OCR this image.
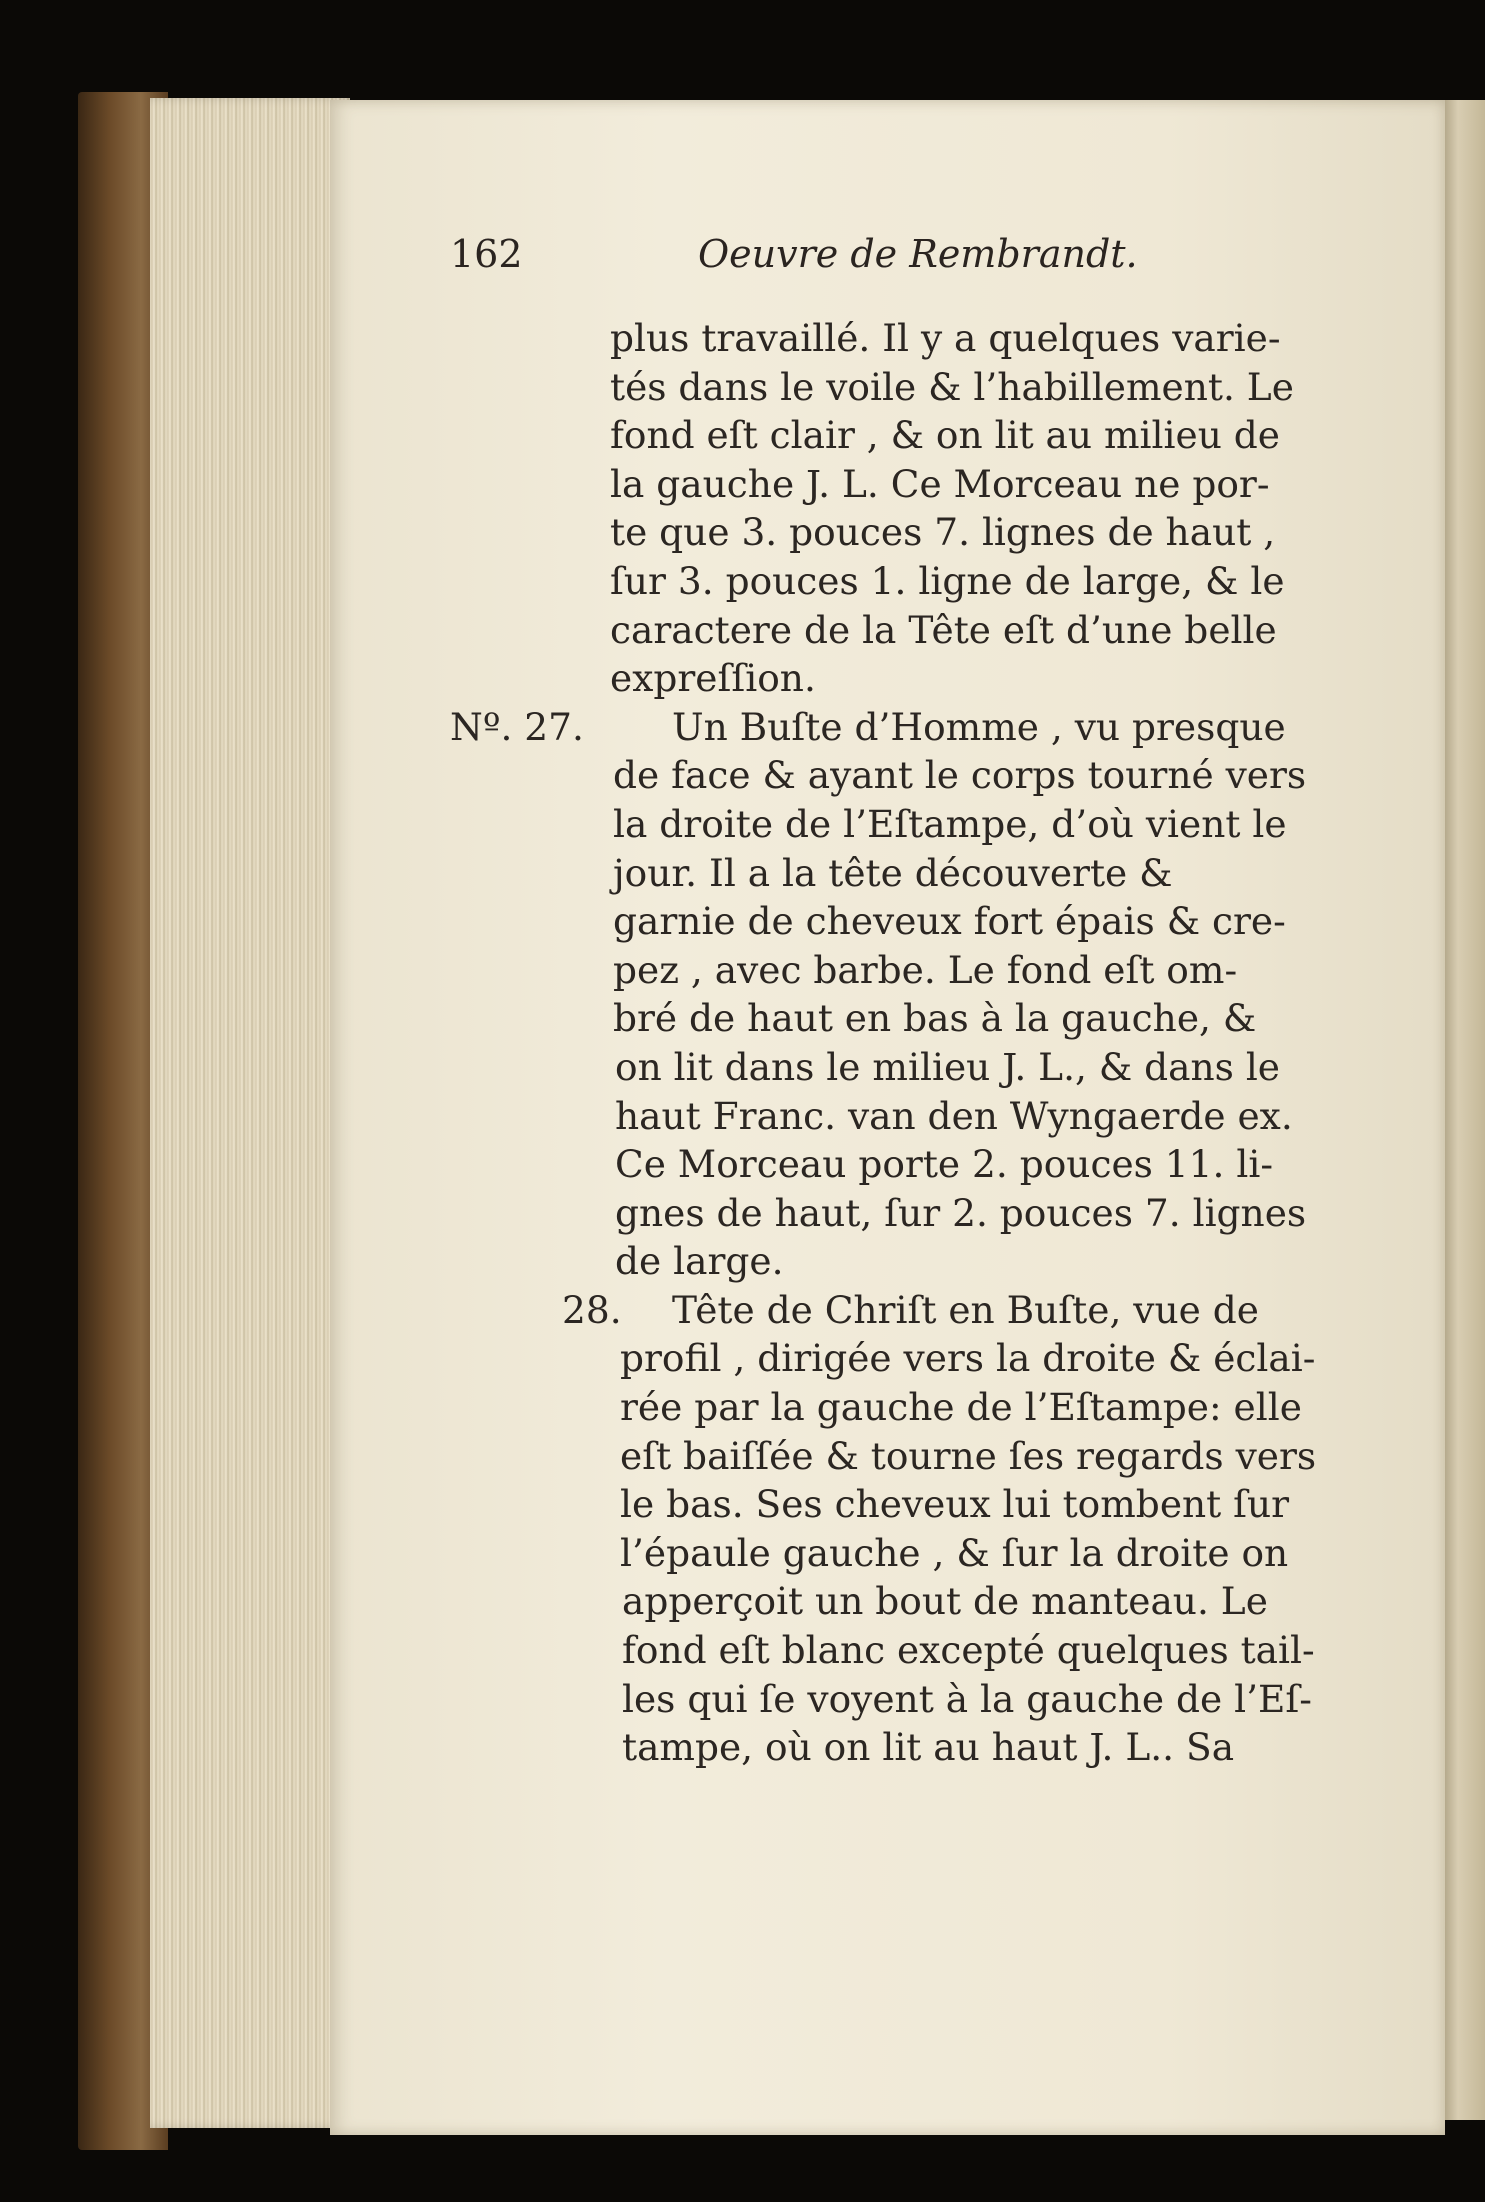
162	Oeuvre de Rembrandt.
plus travaillé. Il y a quelques varie-
tés dans le voile & l’habillement. Le
fond eſt clair , & on lit au milieu de
la gauche J. L. Ce Morceau ne por-
te que 3. pouces 7. lignes de haut ,
ſur 3. pouces 1. ligne de large, & le
caractere de la Tête eſt d’une belle
expreſſion.
Nº. 27. Un Buſte d’Homme , vu presque
de face & ayant le corps tourné vers
la droite de l’Eſtampe, d’où vient le
jour. Il a la tête découverte &
garnie de cheveux fort épais & cre-
pez , avec barbe. Le fond eſt om-
bré de haut en bas à la gauche, &
on lit dans le milieu J. L., & dans le
haut Franc. van den Wyngaerde ex.
Ce Morceau porte 2. pouces 11. li-
gnes de haut, ſur 2. pouces 7. lignes
de large.
28. Tête de Chriſt en Buſte, vue de
profil , dirigée vers la droite & éclai-
rée par la gauche de l’Eſtampe: elle
eſt baiſſée & tourne ſes regards vers
le bas. Ses cheveux lui tombent ſur
l’épaule gauche , & ſur la droite on
apperçoit un bout de manteau. Le
fond eſt blanc excepté quelques tail-
les qui ſe voyent à la gauche de l’Eſ-
tampe, où on lit au haut J. L.. Sa
